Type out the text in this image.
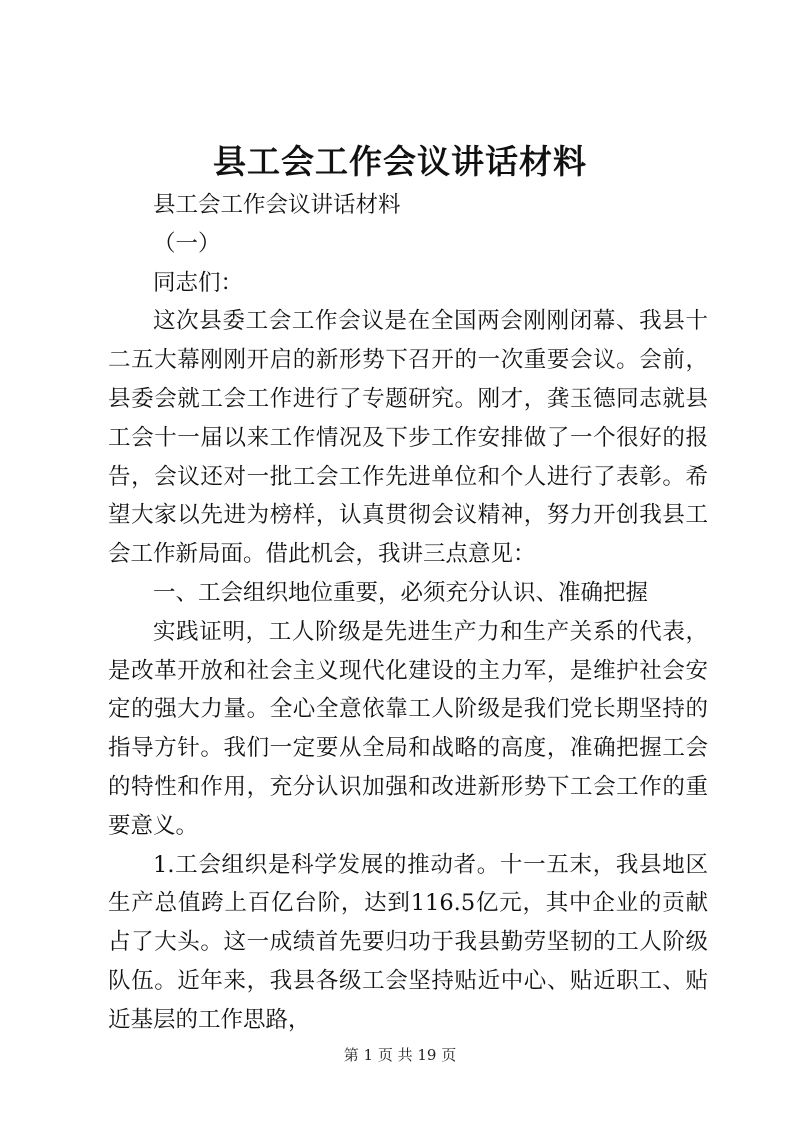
县工会工作会议讲话材料

县工会工作会议讲话材料

（一）

同志们：

这次县委工会工作会议是在全国两会刚刚闭幕、我县十二五大幕刚刚开启的新形势下召开的一次重要会议。会前，县委会就工会工作进行了专题研究。刚才，龚玉德同志就县工会十一届以来工作情况及下步工作安排做了一个很好的报告，会议还对一批工会工作先进单位和个人进行了表彰。希望大家以先进为榜样，认真贯彻会议精神，努力开创我县工会工作新局面。借此机会，我讲三点意见：

一、工会组织地位重要，必须充分认识、准确把握

实践证明，工人阶级是先进生产力和生产关系的代表，是改革开放和社会主义现代化建设的主力军，是维护社会安定的强大力量。全心全意依靠工人阶级是我们党长期坚持的指导方针。我们一定要从全局和战略的高度，准确把握工会的特性和作用，充分认识加强和改进新形势下工会工作的重要意义。

1.工会组织是科学发展的推动者。十一五末，我县地区生产总值跨上百亿台阶，达到116.5亿元，其中企业的贡献占了大头。这一成绩首先要归功于我县勤劳坚韧的工人阶级队伍。近年来，我县各级工会坚持贴近中心、贴近职工、贴近基层的工作思路，

第 1 页 共 19 页
